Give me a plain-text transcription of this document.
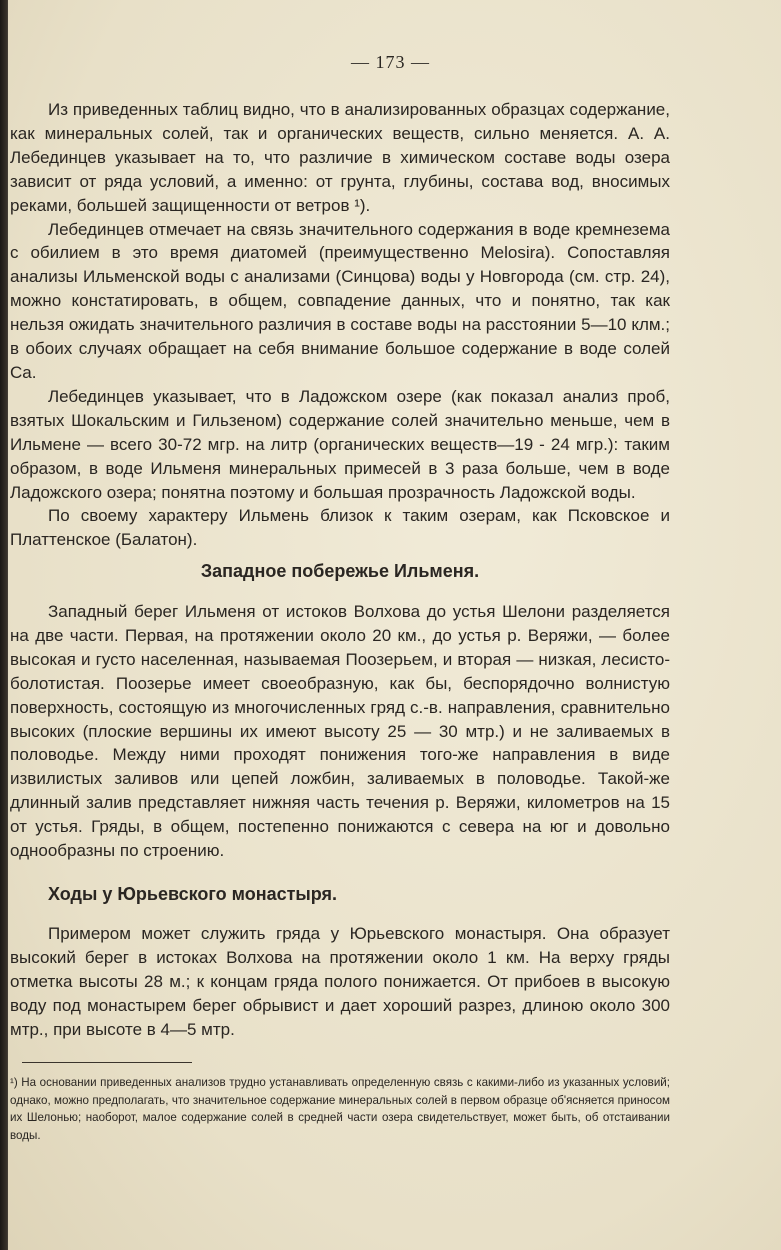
— 173 —

Из приведенных таблиц видно, что в анализированных образцах содержание, как минеральных солей, так и органических веществ, сильно меняется. А. А. Лебединцев указывает на то, что различие в химическом составе воды озера зависит от ряда условий, а именно: от грунта, глубины, состава вод, вносимых реками, большей защищенности от ветров ¹).

Лебединцев отмечает на связь значительного содержания в воде кремнезема с обилием в это время диатомей (преимущественно Melosira). Сопоставляя анализы Ильменской воды с анализами (Синцова) воды у Новгорода (см. стр. 24), можно констатировать, в общем, совпадение данных, что и понятно, так как нельзя ожидать значительного различия в составе воды на расстоянии 5—10 клм.; в обоих случаях обращает на себя внимание большое содержание в воде солей Ca.

Лебединцев указывает, что в Ладожском озере (как показал анализ проб, взятых Шокальским и Гильзеном) содержание солей значительно меньше, чем в Ильмене — всего 30-72 мгр. на литр (органических веществ—19 - 24 мгр.): таким образом, в воде Ильменя минеральных примесей в 3 раза больше, чем в воде Ладожского озера; понятна поэтому и большая прозрачность Ладожской воды.

По своему характеру Ильмень близок к таким озерам, как Псковское и Платтенское (Балатон).

Западное побережье Ильменя.

Западный берег Ильменя от истоков Волхова до устья Шелони разделяется на две части. Первая, на протяжении около 20 км., до устья р. Веряжи, — более высокая и густо населенная, называемая Поозерьем, и вторая — низкая, лесисто-болотистая. Поозерье имеет своеобразную, как бы, беспорядочно волнистую поверхность, состоящую из многочисленных гряд с.-в. направления, сравнительно высоких (плоские вершины их имеют высоту 25 — 30 мтр.) и не заливаемых в половодье. Между ними проходят понижения того-же направления в виде извилистых заливов или цепей ложбин, заливаемых в половодье. Такой-же длинный залив представляет нижняя часть течения р. Веряжи, километров на 15 от устья. Гряды, в общем, постепенно понижаются с севера на юг и довольно однообразны по строению.

Ходы у Юрьевского монастыря.

Примером может служить гряда у Юрьевского монастыря. Она образует высокий берег в истоках Волхова на протяжении около 1 км. На верху гряды отметка высоты 28 м.; к концам гряда полого понижается. От прибоев в высокую воду под монастырем берег обрывист и дает хороший разрез, длиною около 300 мтр., при высоте в 4—5 мтр.

¹) На основании приведенных анализов трудно устанавливать определенную связь с какими-либо из указанных условий; однако, можно предполагать, что значительное содержание минеральных солей в первом образце об'ясняется приносом их Шелонью; наоборот, малое содержание солей в средней части озера свидетельствует, может быть, об отстаивании воды.
